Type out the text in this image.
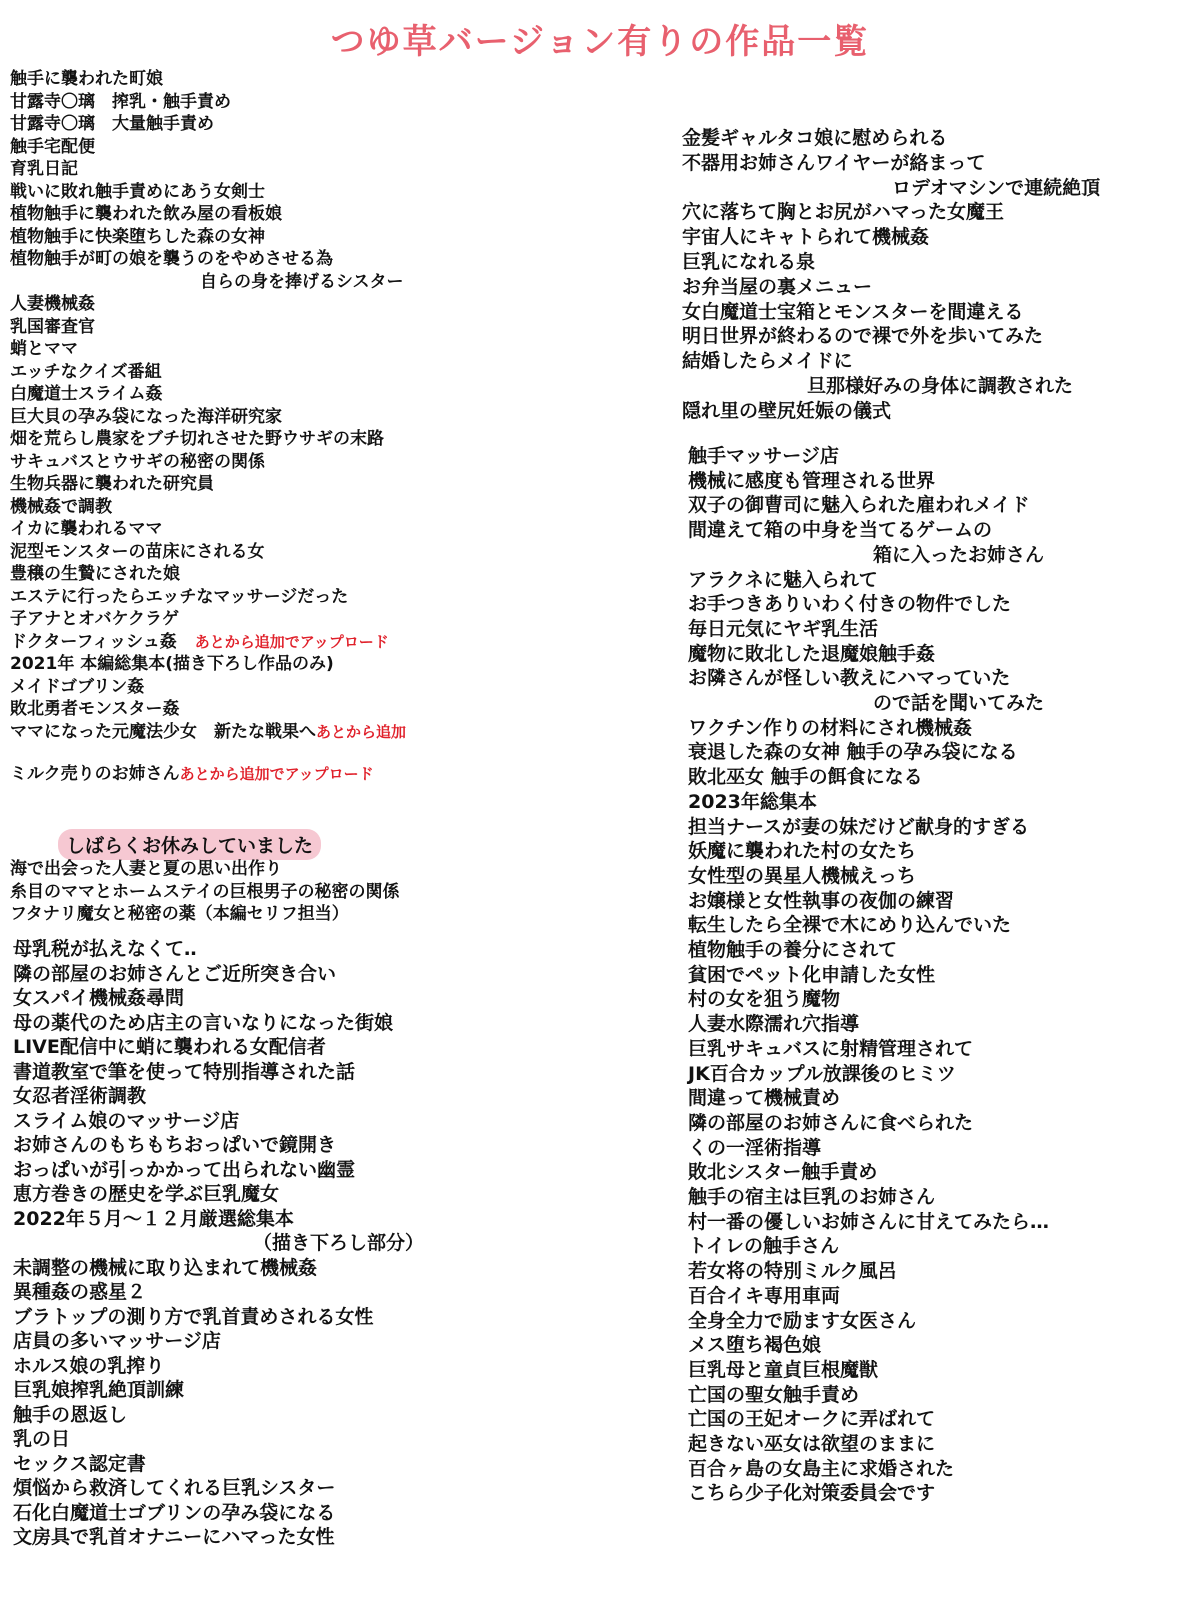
つゆ草バージョン有りの作品一覧
触手に襲われた町娘
甘露寺〇璃　搾乳・触手責め
甘露寺〇璃　大量触手責め
触手宅配便
育乳日記
戦いに敗れ触手責めにあう女剣士
植物触手に襲われた飲み屋の看板娘
植物触手に快楽堕ちした森の女神
植物触手が町の娘を襲うのをやめさせる為
自らの身を捧げるシスター
人妻機械姦
乳国審査官
蛸とママ
エッチなクイズ番組
白魔道士スライム姦
巨大貝の孕み袋になった海洋研究家
畑を荒らし農家をブチ切れさせた野ウサギの末路
サキュバスとウサギの秘密の関係
生物兵器に襲われた研究員
機械姦で調教
イカに襲われるママ
泥型モンスターの苗床にされる女
豊穣の生贄にされた娘
エステに行ったらエッチなマッサージだった
子アナとオバケクラゲ
ドクターフィッシュ姦 あとから追加でアップロード
2021年 本編総集本(描き下ろし作品のみ)
メイドゴブリン姦
敗北勇者モンスター姦
ママになった元魔法少女　新たな戦果へあとから追加
ミルク売りのお姉さんあとから追加でアップロード
しばらくお休みしていました
海で出会った人妻と夏の思い出作り
糸目のママとホームステイの巨根男子の秘密の関係
フタナリ魔女と秘密の薬（本編セリフ担当）
母乳税が払えなくて‥
隣の部屋のお姉さんとご近所突き合い
女スパイ機械姦尋問
母の薬代のため店主の言いなりになった街娘
LIVE配信中に蛸に襲われる女配信者
書道教室で筆を使って特別指導された話
女忍者淫術調教
スライム娘のマッサージ店
お姉さんのもちもちおっぱいで鏡開き
おっぱいが引っかかって出られない幽霊
恵方巻きの歴史を学ぶ巨乳魔女
2022年５月～１２月厳選総集本
（描き下ろし部分）
未調整の機械に取り込まれて機械姦
異種姦の惑星２
ブラトップの測り方で乳首責めされる女性
店員の多いマッサージ店
ホルス娘の乳搾り
巨乳娘搾乳絶頂訓練
触手の恩返し
乳の日
セックス認定書
煩悩から救済してくれる巨乳シスター
石化白魔道士ゴブリンの孕み袋になる
文房具で乳首オナニーにハマった女性
金髪ギャルタコ娘に慰められる
不器用お姉さんワイヤーが絡まって
ロデオマシンで連続絶頂
穴に落ちて胸とお尻がハマった女魔王
宇宙人にキャトられて機械姦
巨乳になれる泉
お弁当屋の裏メニュー
女白魔道士宝箱とモンスターを間違える
明日世界が終わるので裸で外を歩いてみた
結婚したらメイドに
旦那様好みの身体に調教された
隠れ里の壁尻妊娠の儀式
触手マッサージ店
機械に感度も管理される世界
双子の御曹司に魅入られた雇われメイド
間違えて箱の中身を当てるゲームの
箱に入ったお姉さん
アラクネに魅入られて
お手つきありいわく付きの物件でした
毎日元気にヤギ乳生活
魔物に敗北した退魔娘触手姦
お隣さんが怪しい教えにハマっていた
ので話を聞いてみた
ワクチン作りの材料にされ機械姦
衰退した森の女神 触手の孕み袋になる
敗北巫女 触手の餌食になる
2023年総集本
担当ナースが妻の妹だけど献身的すぎる
妖魔に襲われた村の女たち
女性型の異星人機械えっち
お嬢様と女性執事の夜伽の練習
転生したら全裸で木にめり込んでいた
植物触手の養分にされて
貧困でペット化申請した女性
村の女を狙う魔物
人妻水際濡れ穴指導
巨乳サキュバスに射精管理されて
JK百合カップル放課後のヒミツ
間違って機械責め
隣の部屋のお姉さんに食べられた
くの一淫術指導
敗北シスター触手責め
触手の宿主は巨乳のお姉さん
村一番の優しいお姉さんに甘えてみたら…
トイレの触手さん
若女将の特別ミルク風呂
百合イキ専用車両
全身全力で励ます女医さん
メス堕ち褐色娘
巨乳母と童貞巨根魔獣
亡国の聖女触手責め
亡国の王妃オークに弄ばれて
起きない巫女は欲望のままに
百合ヶ島の女島主に求婚された
こちら少子化対策委員会です
